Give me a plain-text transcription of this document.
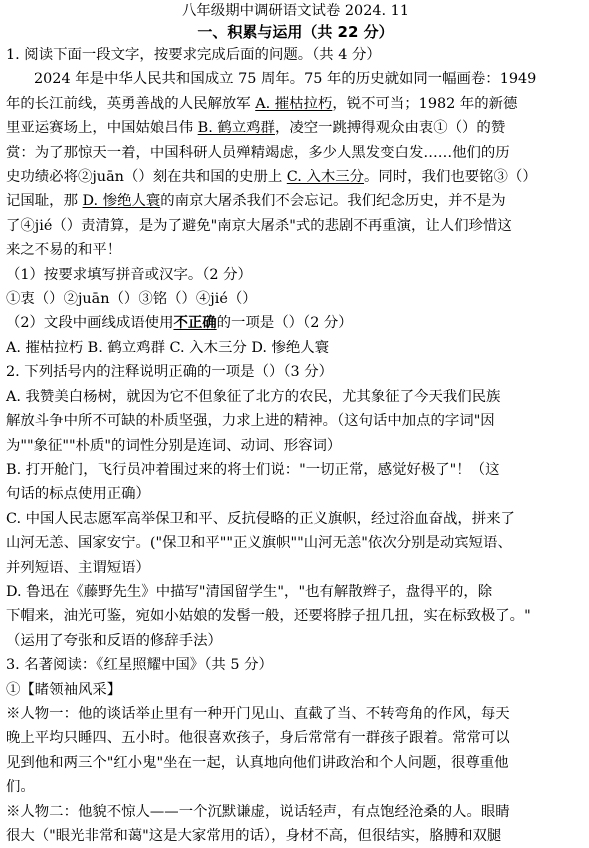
八年级期中调研语文试卷 2024. 11
一、积累与运用（共 22 分）
1. 阅读下面一段文字，按要求完成后面的问题。（共 4 分）
2024 年是中华人民共和国成立 75 周年。75 年的历史就如同一幅画卷：1949
年的长江前线，英勇善战的人民解放军 A. 摧枯拉朽，锐不可当；1982 年的新德
里亚运赛场上，中国姑娘吕伟 B. 鹤立鸡群，凌空一跳搏得观众由衷①（）的赞
赏：为了那惊天一着，中国科研人员殚精竭虑，多少人黑发变白发……他们的历
史功绩必将②juān（）刻在共和国的史册上 C. 入木三分。同时，我们也要铭③（）
记国耻，那 D. 惨绝人寰的南京大屠杀我们不会忘记。我们纪念历史，并不是为
了④jié（）责清算，是为了避免"南京大屠杀"式的悲剧不再重演，让人们珍惜这
来之不易的和平！
（1）按要求填写拼音或汉字。（2 分）
①衷（）②juān（）③铭（）④jié（）
（2）文段中画线成语使用不正确的一项是（）（2 分）
A. 摧枯拉朽 B. 鹤立鸡群 C. 入木三分 D. 惨绝人寰
2. 下列括号内的注释说明正确的一项是（）（3 分）
A. 我赞美白杨树，就因为它不但象征了北方的农民，尤其象征了今天我们民族
解放斗争中所不可缺的朴质坚强，力求上进的精神。（这句话中加点的字词"因
为""象征""朴质"的词性分别是连词、动词、形容词）
B. 打开舱门，飞行员冲着围过来的将士们说："一切正常，感觉好极了"！（这
句话的标点使用正确）
C. 中国人民志愿军高举保卫和平、反抗侵略的正义旗帜，经过浴血奋战，拼来了
山河无恙、国家安宁。("保卫和平""正义旗帜""山河无恙"依次分别是动宾短语、
并列短语、主谓短语）
D. 鲁迅在《藤野先生》中描写"清国留学生"，"也有解散辫子，盘得平的，除
下帽来，油光可鉴，宛如小姑娘的发髻一般，还要将脖子扭几扭，实在标致极了。"
（运用了夸张和反语的修辞手法）
3. 名著阅读：《红星照耀中国》（共 5 分）
①【睹领袖风采】
※人物一：他的谈话举止里有一种开门见山、直截了当、不转弯角的作风，每天
晚上平均只睡四、五小时。他很喜欢孩子，身后常常有一群孩子跟着。常常可以
见到他和两三个"红小鬼"坐在一起，认真地向他们讲政治和个人问题，很尊重他
们。
※人物二：他貌不惊人——一个沉默谦虚，说话轻声，有点饱经沧桑的人。眼睛
很大（"眼光非常和蔼"这是大家常用的话），身材不高，但很结实，胳膊和双腿
